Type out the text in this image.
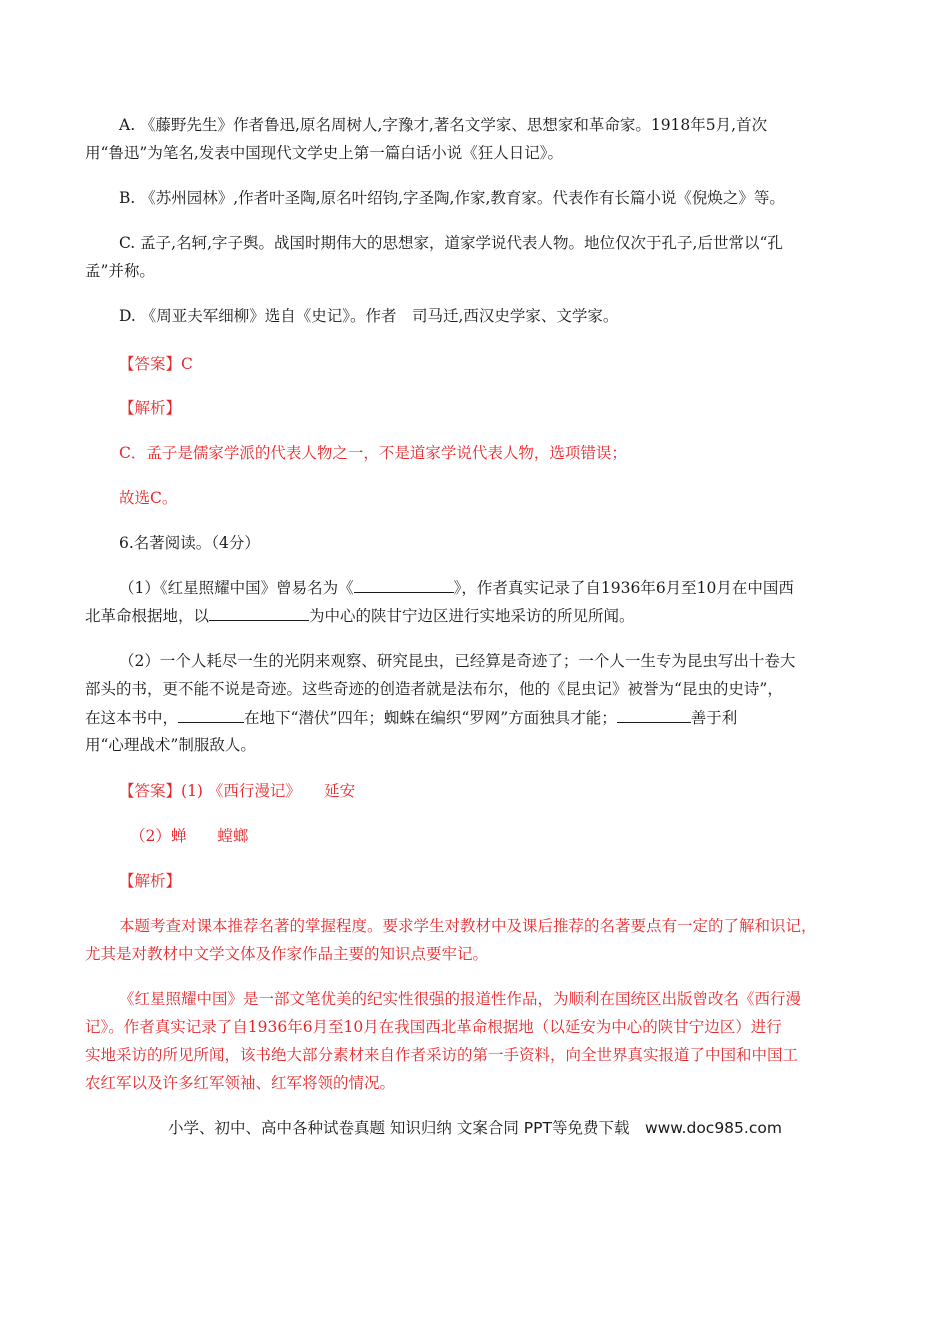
A. 《藤野先生》作者鲁迅,原名周树人,字豫才,著名文学家、思想家和革命家。1918年5月,首次
用“鲁迅”为笔名,发表中国现代文学史上第一篇白话小说《狂人日记》。
B. 《苏州园林》,作者叶圣陶,原名叶绍钧,字圣陶,作家,教育家。代表作有长篇小说《倪焕之》等。
C. 孟子,名轲,字子舆。战国时期伟大的思想家，道家学说代表人物。地位仅次于孔子,后世常以“孔
孟”并称。
D. 《周亚夫军细柳》选自《史记》。作者　司马迁,西汉史学家、文学家。
【答案】C
【解析】
C．孟子是儒家学派的代表人物之一，不是道家学说代表人物，选项错误；
故选C。
6.名著阅读。（4分）
（1）《红星照耀中国》曾易名为《	》，作者真实记录了自1936年6月至10月在中国西
北革命根据地，以	为中心的陕甘宁边区进行实地采访的所见所闻。
（2）一个人耗尽一生的光阴来观察、研究昆虫，已经算是奇迹了；一个人一生专为昆虫写出十卷大
部头的书，更不能不说是奇迹。这些奇迹的创造者就是法布尔，他的《昆虫记》被誉为“昆虫的史诗”，
在这本书中，	在地下“潜伏”四年；蜘蛛在编织“罗网”方面独具才能；	善于利
用“心理战术”制服敌人。
【答案】(1) 《西行漫记》　　延安
（2）蝉　　螳螂
【解析】
本题考查对课本推荐名著的掌握程度。要求学生对教材中及课后推荐的名著要点有一定的了解和识记，
尤其是对教材中文学文体及作家作品主要的知识点要牢记。
《红星照耀中国》是一部文笔优美的纪实性很强的报道性作品，为顺利在国统区出版曾改名《西行漫
记》。作者真实记录了自1936年6月至10月在我国西北革命根据地（以延安为中心的陕甘宁边区）进行
实地采访的所见所闻，该书绝大部分素材来自作者采访的第一手资料，向全世界真实报道了中国和中国工
农红军以及许多红军领袖、红军将领的情况。
小学、初中、高中各种试卷真题 知识归纳 文案合同 PPT等免费下载　www.doc985.com
